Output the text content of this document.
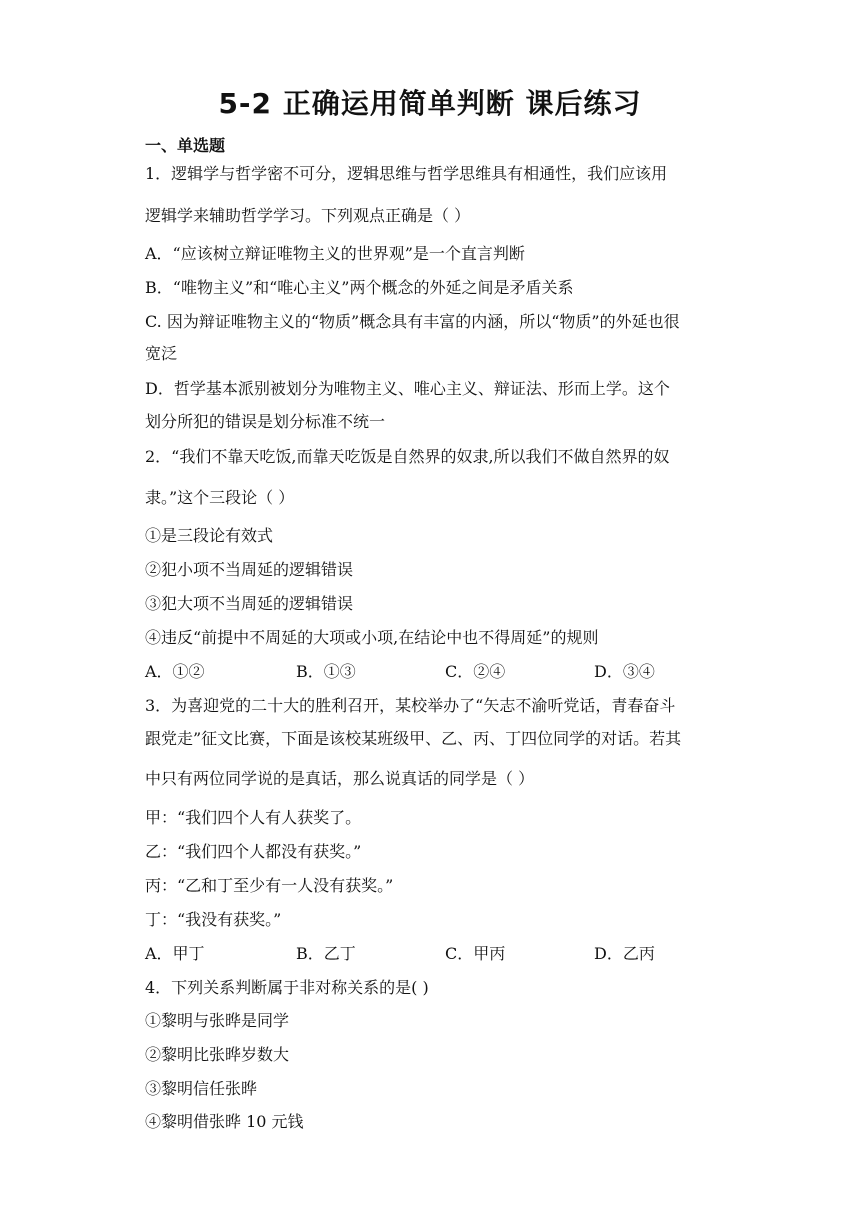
5-2 正确运用简单判断 课后练习
一、单选题
1．逻辑学与哲学密不可分，逻辑思维与哲学思维具有相通性，我们应该用
逻辑学来辅助哲学学习。下列观点正确是（ ）
A．“应该树立辩证唯物主义的世界观”是一个直言判断
B．“唯物主义”和“唯心主义”两个概念的外延之间是矛盾关系
C. 因为辩证唯物主义的“物质”概念具有丰富的内涵，所以“物质”的外延也很
宽泛
D．哲学基本派别被划分为唯物主义、唯心主义、辩证法、形而上学。这个
划分所犯的错误是划分标准不统一
2．“我们不靠天吃饭,而靠天吃饭是自然界的奴隶,所以我们不做自然界的奴
隶。”这个三段论（ ）
①是三段论有效式
②犯小项不当周延的逻辑错误
③犯大项不当周延的逻辑错误
④违反“前提中不周延的大项或小项,在结论中也不得周延”的规则
A．①②	B．①③	C．②④	D．③④
3．为喜迎党的二十大的胜利召开，某校举办了“矢志不渝听党话，青春奋斗
跟党走”征文比赛，下面是该校某班级甲、乙、丙、丁四位同学的对话。若其
中只有两位同学说的是真话，那么说真话的同学是（ ）
甲：“我们四个人有人获奖了。
乙：“我们四个人都没有获奖。”
丙：“乙和丁至少有一人没有获奖。”
丁：“我没有获奖。”
A．甲丁	B．乙丁	C．甲丙	D．乙丙
4．下列关系判断属于非对称关系的是( )
①黎明与张晔是同学
②黎明比张晔岁数大
③黎明信任张晔
④黎明借张晔 10 元钱
